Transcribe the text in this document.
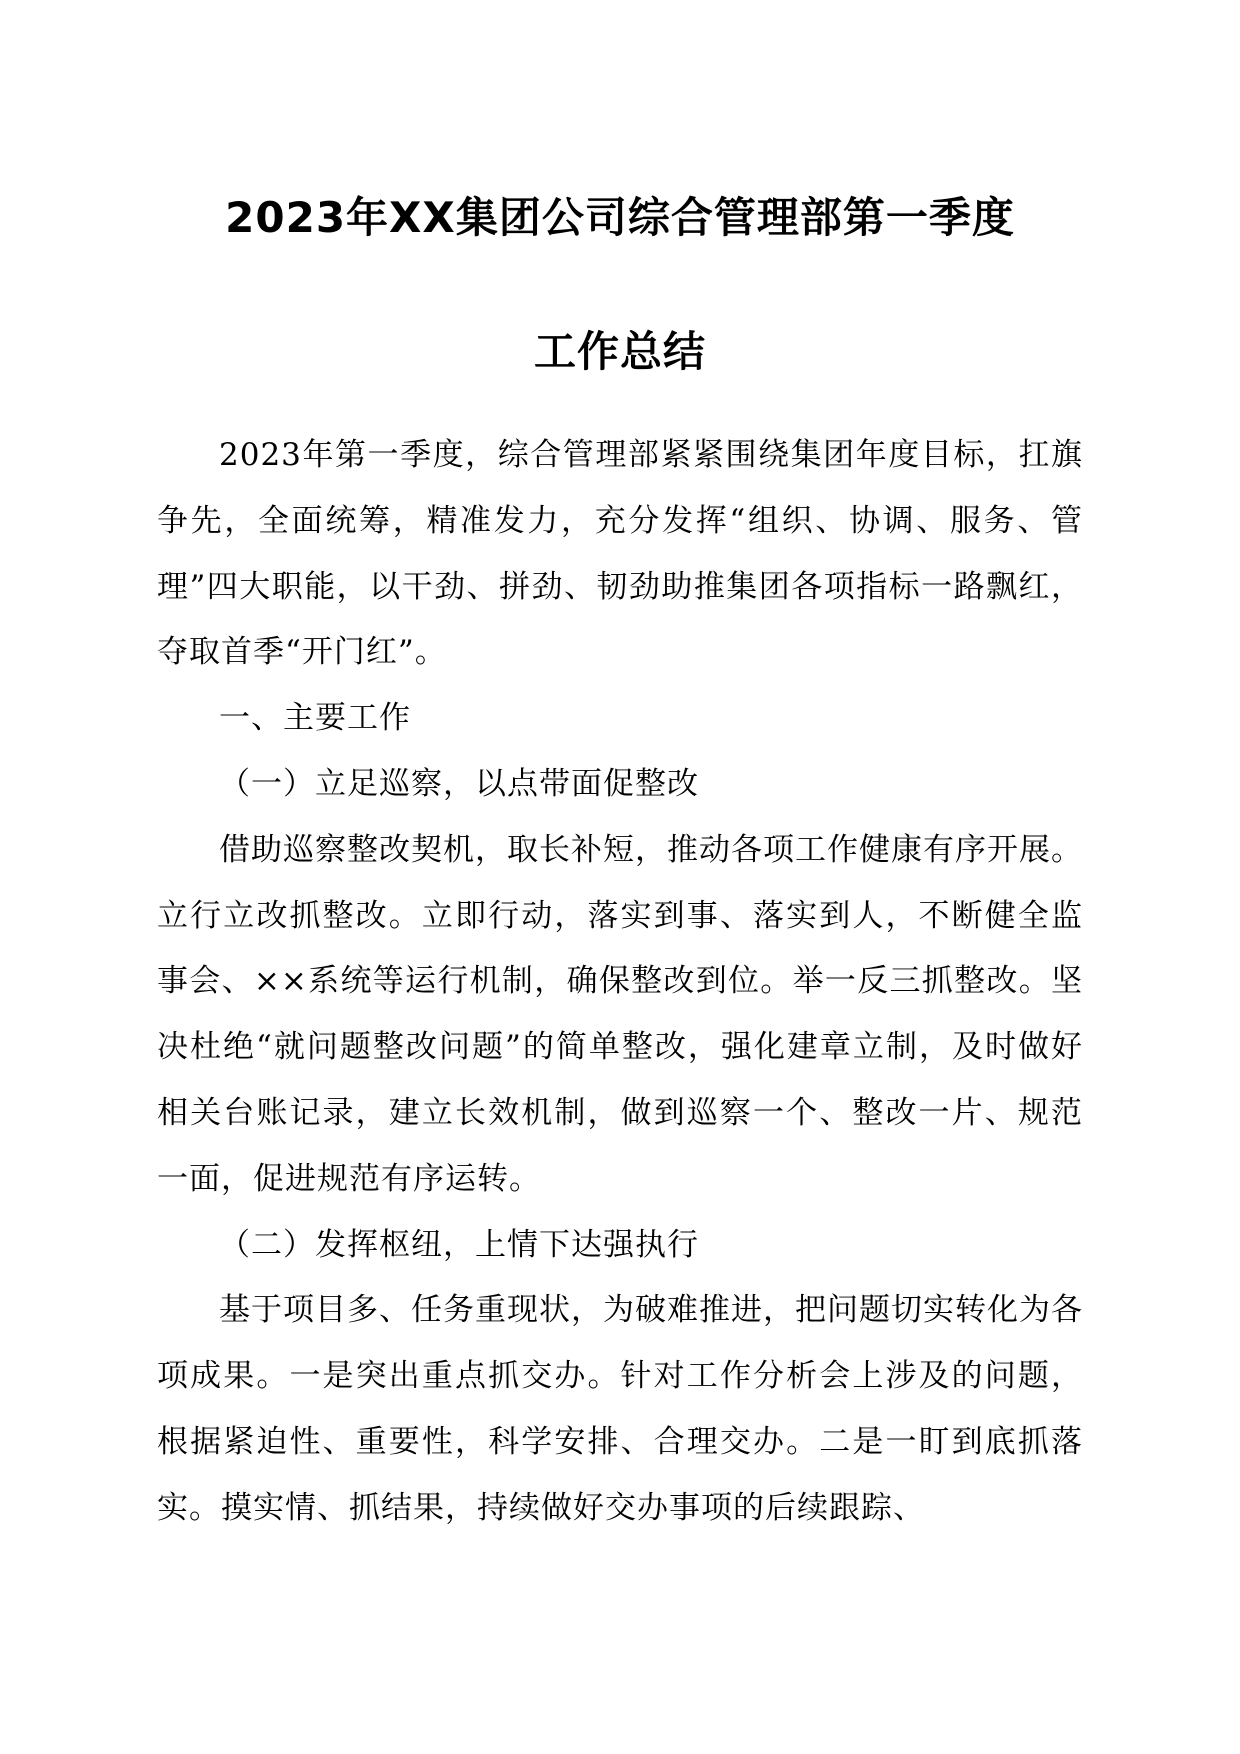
2023年XX集团公司综合管理部第一季度
工作总结

2023年第一季度，综合管理部紧紧围绕集团年度目标，扛旗争先，全面统筹，精准发力，充分发挥“组织、协调、服务、管理”四大职能，以干劲、拼劲、韧劲助推集团各项指标一路飘红，夺取首季“开门红”。

一、主要工作

（一）立足巡察，以点带面促整改

借助巡察整改契机，取长补短，推动各项工作健康有序开展。立行立改抓整改。立即行动，落实到事、落实到人，不断健全监事会、××系统等运行机制，确保整改到位。举一反三抓整改。坚决杜绝“就问题整改问题”的简单整改，强化建章立制，及时做好相关台账记录，建立长效机制，做到巡察一个、整改一片、规范一面，促进规范有序运转。

（二）发挥枢纽，上情下达强执行

基于项目多、任务重现状，为破难推进，把问题切实转化为各项成果。一是突出重点抓交办。针对工作分析会上涉及的问题，根据紧迫性、重要性，科学安排、合理交办。二是一盯到底抓落实。摸实情、抓结果，持续做好交办事项的后续跟踪、
